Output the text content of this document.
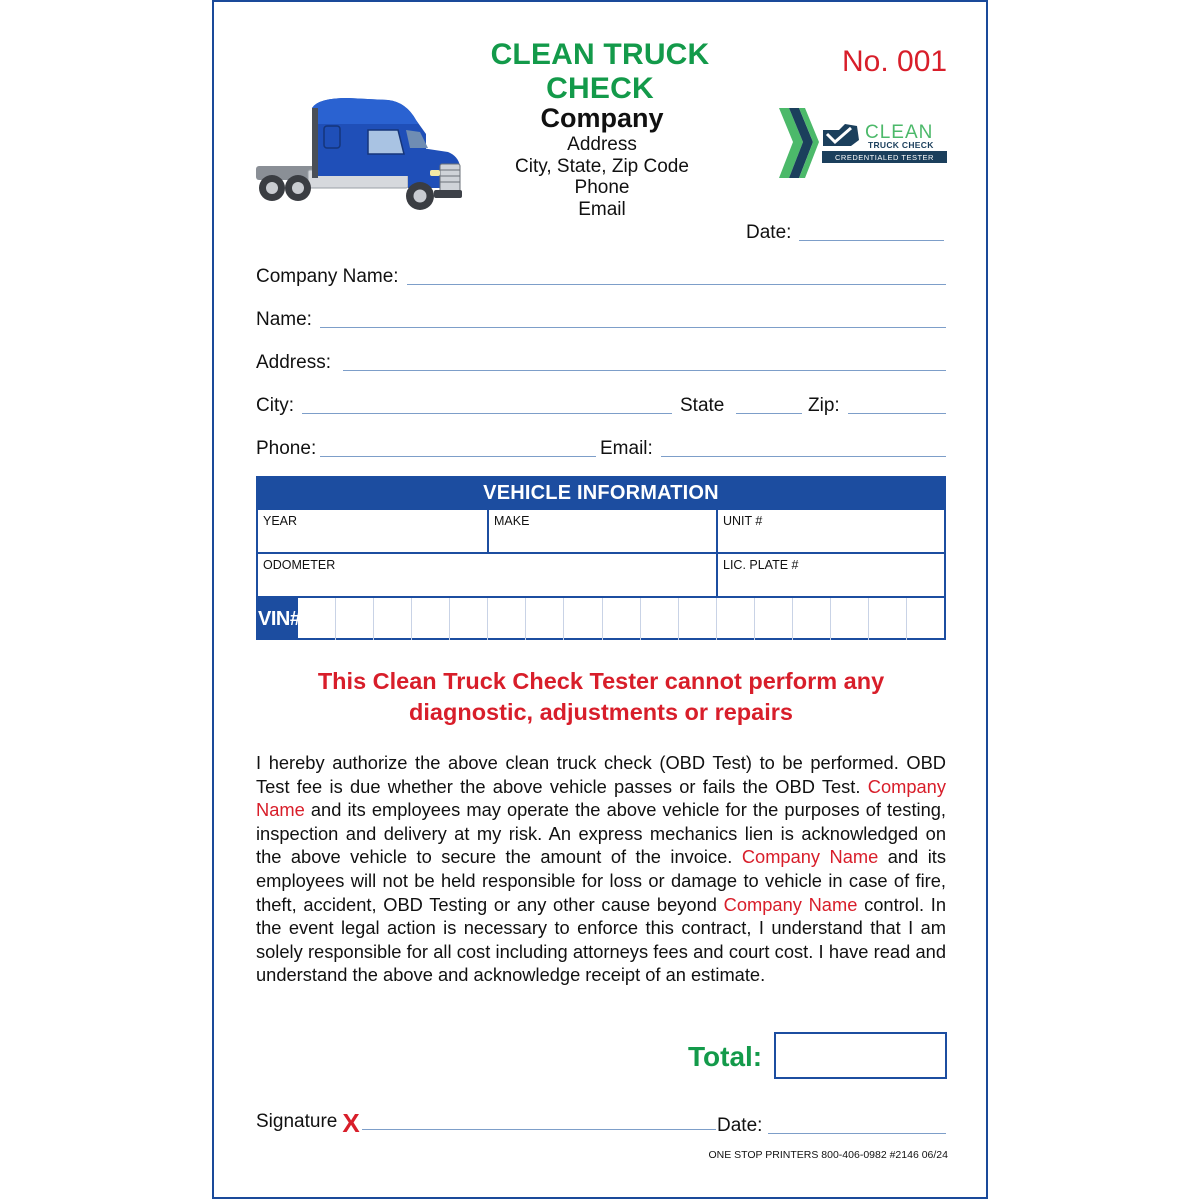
CLEAN TRUCK CHECK
No. 001
Company
Address
City, State, Zip Code
Phone
Email
CLEAN
TRUCK CHECK
CREDENTIALED TESTER
Date:
Company Name:
Name:
Address:
City:	State	Zip:
Phone:	Email:
VEHICLE INFORMATION
YEAR	MAKE	UNIT #
ODOMETER	LIC. PLATE #
VIN#
This Clean Truck Check Tester cannot perform any
diagnostic, adjustments or repairs
I hereby authorize the above clean truck check (OBD Test) to be performed. OBD Test fee is due whether the above vehicle passes or fails the OBD Test. Company Name and its employees may operate the above vehicle for the purposes of testing, inspection and delivery at my risk. An express mechanics lien is acknowledged on the above vehicle to secure the amount of the invoice. Company Name and its employees will not be held responsible for loss or damage to vehicle in case of fire, theft, accident, OBD Testing or any other cause beyond Company Name control. In the event legal action is necessary to enforce this contract, I understand that I am solely responsible for all cost including attorneys fees and court cost. I have read and understand the above and acknowledge receipt of an estimate.
Total:
Signature X	Date:
ONE STOP PRINTERS 800-406-0982 #2146 06/24
